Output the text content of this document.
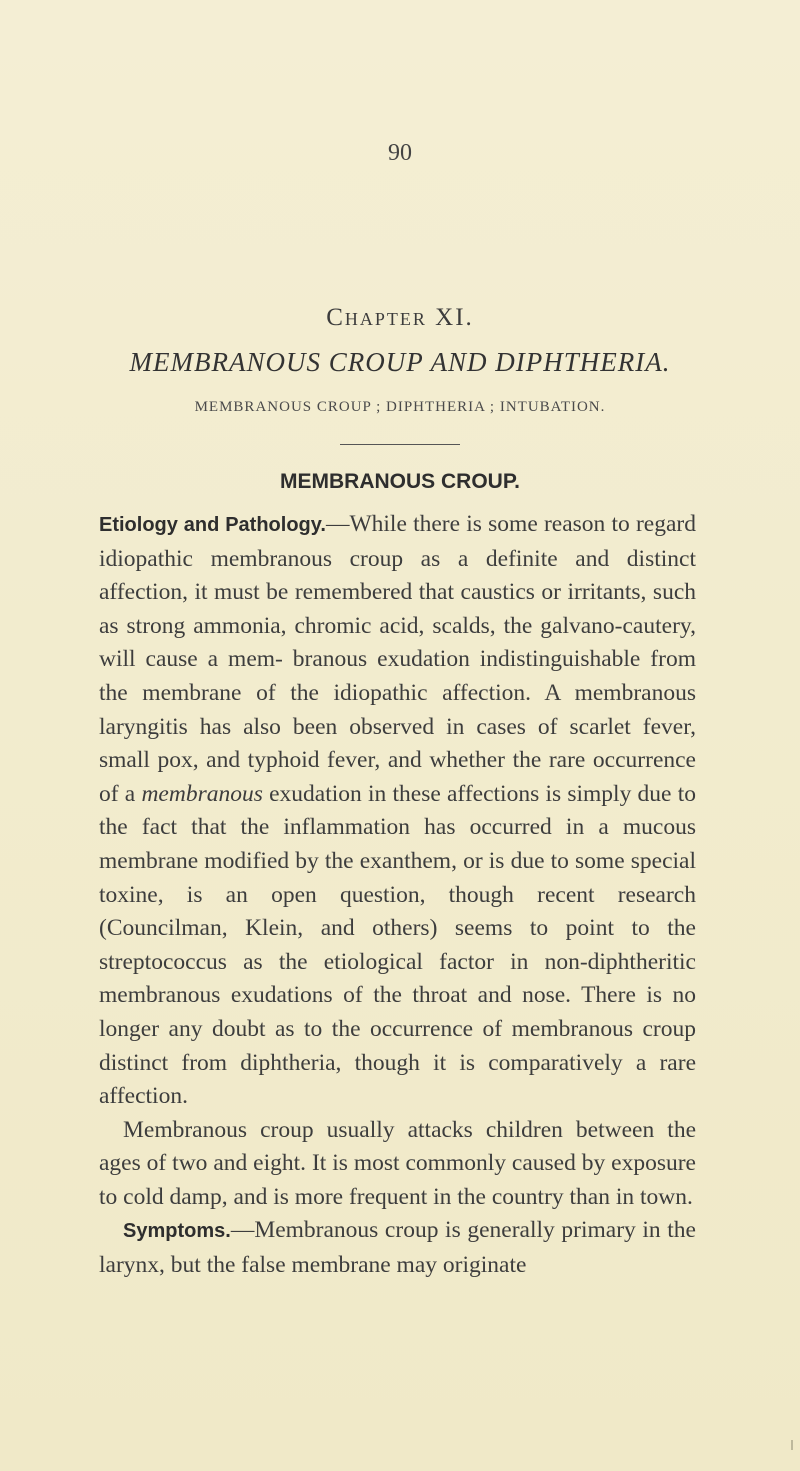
90
Chapter XI.
MEMBRANOUS CROUP AND DIPHTHERIA.
MEMBRANOUS CROUP ; DIPHTHERIA ; INTUBATION.
MEMBRANOUS CROUP.

Etiology and Pathology.—While there is some reason to regard idiopathic membranous croup as a definite and distinct affection, it must be remembered that caustics or irritants, such as strong ammonia, chromic acid, scalds, the galvano-cautery, will cause a mem- branous exudation indistinguishable from the membrane of the idiopathic affection. A membranous laryngitis has also been observed in cases of scarlet fever, small pox, and typhoid fever, and whether the rare occurrence of a membranous exudation in these affections is simply due to the fact that the inflammation has occurred in a mucous membrane modified by the exanthem, or is due to some special toxine, is an open question, though recent research (Councilman, Klein, and others) seems to point to the streptococcus as the etiological factor in non-diphtheritic membranous exudations of the throat and nose. There is no longer any doubt as to the occurrence of membranous croup distinct from diphtheria, though it is comparatively a rare affection.

Membranous croup usually attacks children between the ages of two and eight. It is most commonly caused by exposure to cold damp, and is more frequent in the country than in town.

Symptoms.—Membranous croup is generally primary in the larynx, but the false membrane may originate
